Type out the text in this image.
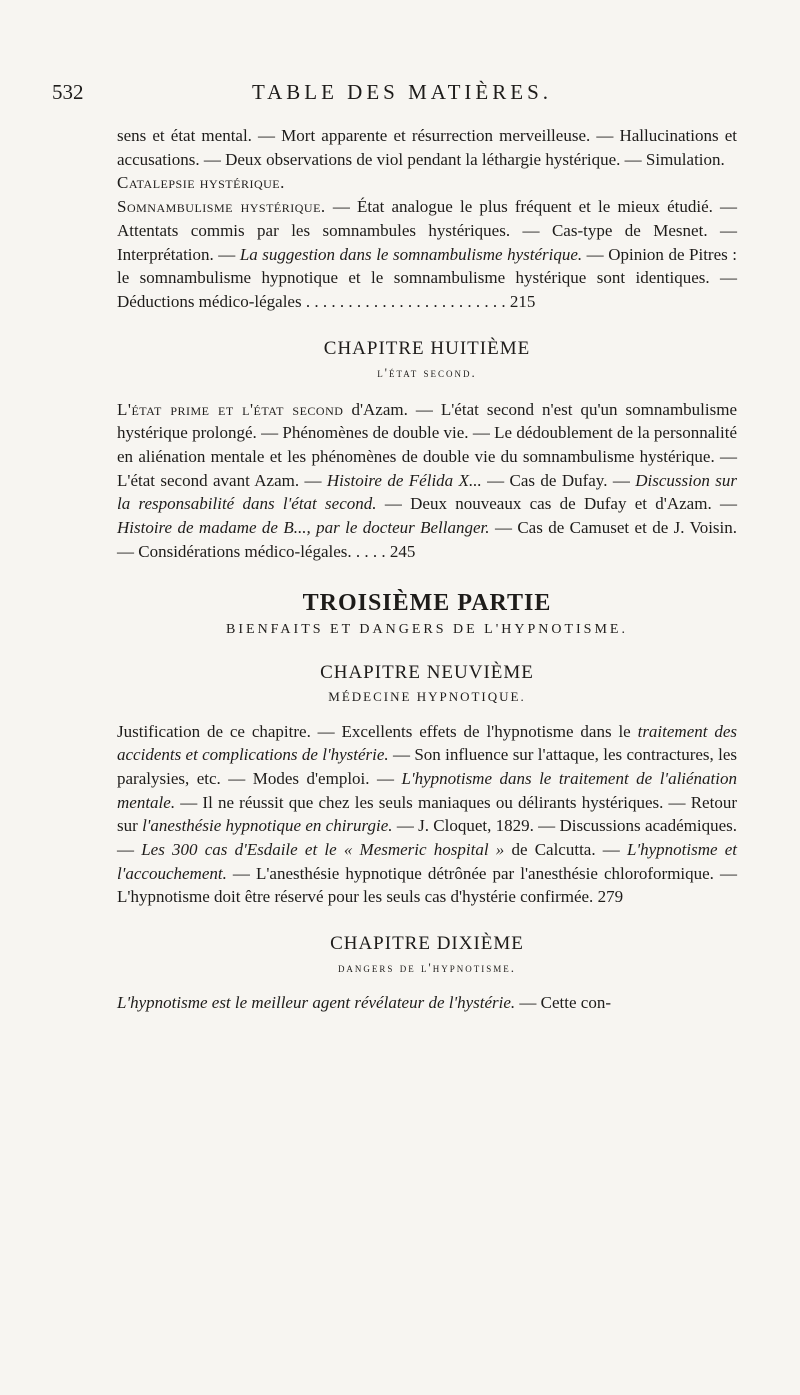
532	TABLE DES MATIÈRES.

sens et état mental. — Mort apparente et résurrection merveilleuse. — Hallucinations et accusations. — Deux observations de viol pendant la léthargie hystérique. — Simulation.

Catalepsie hystérique.

Somnambulisme hystérique. — État analogue le plus fréquent et le mieux étudié. — Attentats commis par les somnambules hystériques. — Cas-type de Mesnet. — Interprétation. — La suggestion dans le somnambulisme hystérique. — Opinion de Pitres : le somnambulisme hypnotique et le somnambulisme hystérique sont identiques. — Déductions médico-légales . . . . . . . . . . . . . . . . . . . . . . . . 215

CHAPITRE HUITIÈME

l'état second.

L'état prime et l'état second d'Azam. — L'état second n'est qu'un somnambulisme hystérique prolongé. — Phénomènes de double vie. — Le dédoublement de la personnalité en aliénation mentale et les phénomènes de double vie du somnambulisme hystérique. — L'état second avant Azam. — Histoire de Félida X... — Cas de Dufay. — Discussion sur la responsabilité dans l'état second. — Deux nouveaux cas de Dufay et d'Azam. — Histoire de madame de B..., par le docteur Bellanger. — Cas de Camuset et de J. Voisin. — Considérations médico-légales. . . . . 245

TROISIÈME PARTIE

BIENFAITS ET DANGERS DE L'HYPNOTISME.

CHAPITRE NEUVIÈME

MÉDECINE HYPNOTIQUE.

Justification de ce chapitre. — Excellents effets de l'hypnotisme dans le traitement des accidents et complications de l'hystérie. — Son influence sur l'attaque, les contractures, les paralysies, etc. — Modes d'emploi. — L'hypnotisme dans le traitement de l'aliénation mentale. — Il ne réussit que chez les seuls maniaques ou délirants hystériques. — Retour sur l'anesthésie hypnotique en chirurgie. — J. Cloquet, 1829. — Discussions académiques. — Les 300 cas d'Esdaile et le « Mesmeric hospital » de Calcutta. — L'hypnotisme et l'accouchement. — L'anesthésie hypnotique détrônée par l'anesthésie chloroformique. — L'hypnotisme doit être réservé pour les seuls cas d'hystérie confirmée. 279

CHAPITRE DIXIÈME

dangers de l'hypnotisme.

L'hypnotisme est le meilleur agent révélateur de l'hystérie. — Cette con-
